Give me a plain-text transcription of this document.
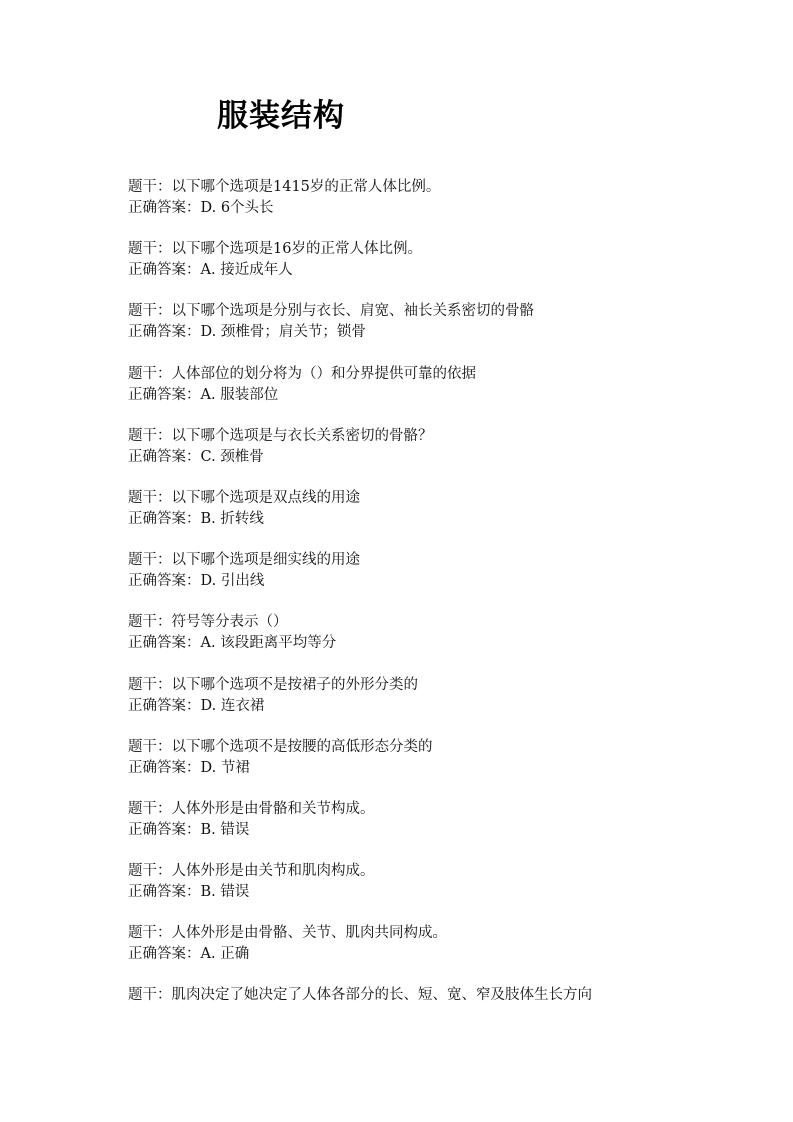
服装结构
题干：以下哪个选项是1415岁的正常人体比例。
正确答案：D. 6个头长
题干：以下哪个选项是16岁的正常人体比例。
正确答案：A. 接近成年人
题干：以下哪个选项是分别与衣长、肩宽、袖长关系密切的骨骼
正确答案：D. 颈椎骨；肩关节；锁骨
题干：人体部位的划分将为（）和分界提供可靠的依据
正确答案：A. 服装部位
题干：以下哪个选项是与衣长关系密切的骨骼？
正确答案：C. 颈椎骨
题干：以下哪个选项是双点线的用途
正确答案：B. 折转线
题干：以下哪个选项是细实线的用途
正确答案：D. 引出线
题干：符号等分表示（）
正确答案：A. 该段距离平均等分
题干：以下哪个选项不是按裙子的外形分类的
正确答案：D. 连衣裙
题干：以下哪个选项不是按腰的高低形态分类的
正确答案：D. 节裙
题干：人体外形是由骨骼和关节构成。
正确答案：B. 错误
题干：人体外形是由关节和肌肉构成。
正确答案：B. 错误
题干：人体外形是由骨骼、关节、肌肉共同构成。
正确答案：A. 正确
题干：肌肉决定了她决定了人体各部分的长、短、宽、窄及肢体生长方向
